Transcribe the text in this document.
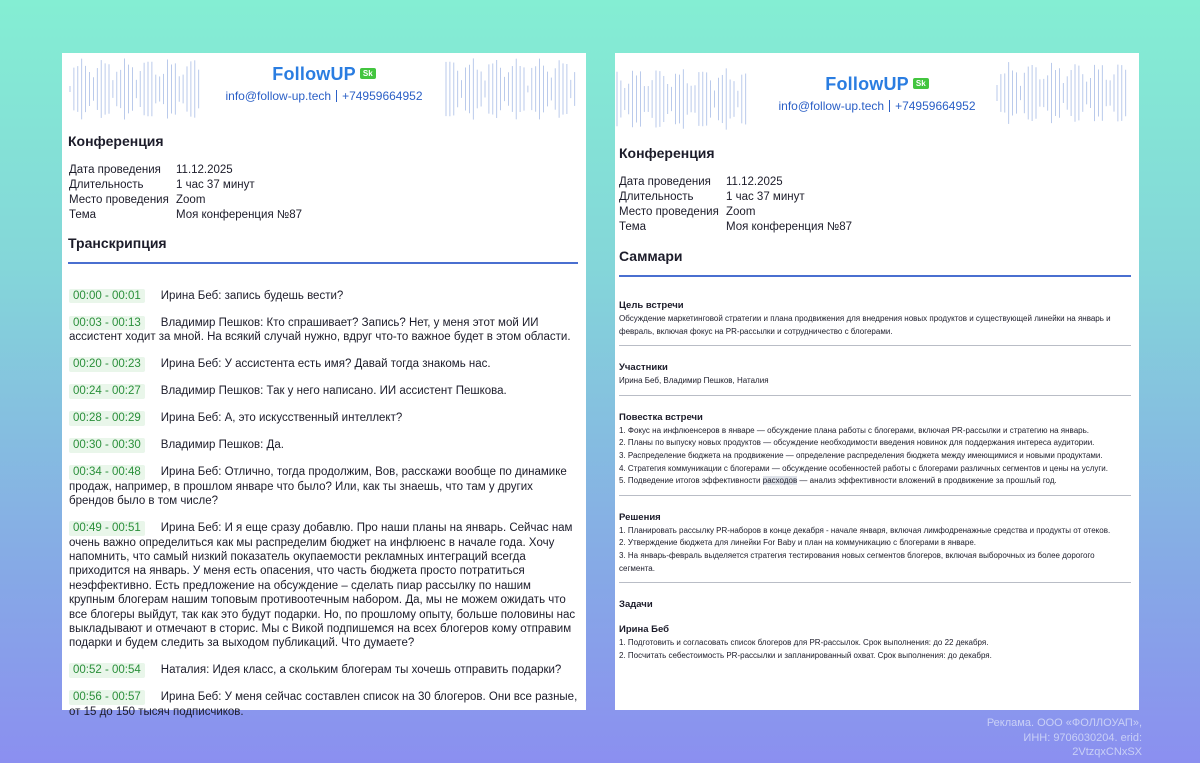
FollowUP Sk
info@follow-up.tech +74959664952
Конференция
Дата проведения	11.12.2025
Длительность	1 час 37 минут
Место проведения Zoom
Тема	Моя конференция №87
Транскрипция
00:00 - 00:01 Ирина Беб: запись будешь вести?
00:03 - 00:13 Владимир Пешков: Кто спрашивает? Запись? Нет, у меня этот мой ИИ ассистент ходит за мной. На всякий случай нужно, вдруг что-то важное будет в этом области.
00:20 - 00:23 Ирина Беб: У ассистента есть имя? Давай тогда знакомь нас.
00:24 - 00:27 Владимир Пешков: Так у него написано. ИИ ассистент Пешкова.
00:28 - 00:29 Ирина Беб: А, это искусственный интеллект?
00:30 - 00:30 Владимир Пешков: Да.
00:34 - 00:48 Ирина Беб: Отлично, тогда продолжим, Вов, расскажи вообще по динамике продаж, например, в прошлом январе что было? Или, как ты знаешь, что там у других брендов было в том числе?
00:49 - 00:51 Ирина Беб: И я еще сразу добавлю. Про наши планы на январь. Сейчас нам очень важно определиться как мы распределим бюджет на инфлюенс в начале года. Хочу напомнить, что самый низкий показатель окупаемости рекламных интеграций всегда приходится на январь. У меня есть опасения, что часть бюджета просто потратиться неэффективно. Есть предложение на обсуждение – сделать пиар рассылку по нашим крупным блогерам нашим топовым противоотечным набором. Да, мы не можем ожидать что все блогеры выйдут, так как это будут подарки. Но, по прошлому опыту, больше половины нас выкладывают и отмечают в сторис. Мы с Викой подпишемся на всех блогеров кому отправим подарки и будем следить за выходом публикаций. Что думаете?
00:52 - 00:54 Наталия: Идея класс, а скольким блогерам ты хочешь отправить подарки?
00:56 - 00:57 Ирина Беб: У меня сейчас составлен список на 30 блогеров. Они все разные, от 15 до 150 тысяч подписчиков.
FollowUP Sk
info@follow-up.tech +74959664952
Конференция
Дата проведения	11.12.2025
Длительность	1 час 37 минут
Место проведения Zoom
Тема	Моя конференция №87
Саммари
Цель встречи
Обсуждение маркетинговой стратегии и плана продвижения для внедрения новых продуктов и существующей линейки на январь и февраль, включая фокус на PR-рассылки и сотрудничество с блогерами.
Участники
Ирина Беб, Владимир Пешков, Наталия
Повестка встречи
1. Фокус на инфлюенсеров в январе — обсуждение плана работы с блогерами, включая PR-рассылки и стратегию на январь.
2. Планы по выпуску новых продуктов — обсуждение необходимости введения новинок для поддержания интереса аудитории.
3. Распределение бюджета на продвижение — определение распределения бюджета между имеющимися и новыми продуктами.
4. Стратегия коммуникации с блогерами — обсуждение особенностей работы с блогерами различных сегментов и цены на услуги.
5. Подведение итогов эффективности расходов — анализ эффективности вложений в продвижение за прошлый год.
Решения
1. Планировать рассылку PR-наборов в конце декабря - начале января, включая лимфодренажные средства и продукты от отеков.
2. Утверждение бюджета для линейки For Baby и план на коммуникацию с блогерами в январе.
3. На январь-февраль выделяется стратегия тестирования новых сегментов блогеров, включая выборочных из более дорогого сегмента.
Задачи
Ирина Беб
1. Подготовить и согласовать список блогеров для PR-рассылок. Срок выполнения: до 22 декабря.
2. Посчитать себестоимость PR-рассылки и запланированный охват. Срок выполнения: до декабря.
Реклама. ООО «ФОЛЛОУАП»,
ИНН: 9706030204. erid:
2VtzqxCNxSX
